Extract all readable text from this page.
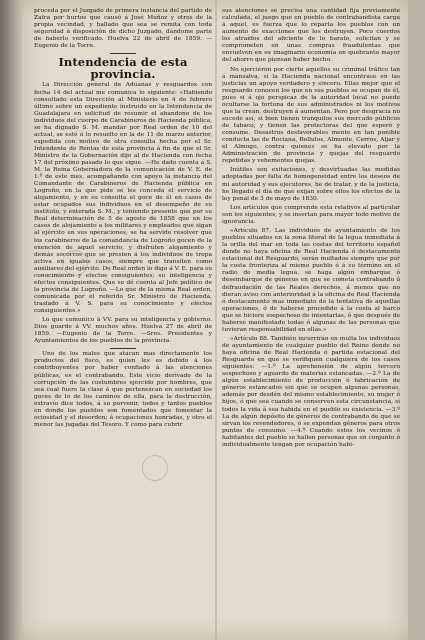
proceda por el Juzgado de primera instancia del partido de Zafra por hurtos que causó á José Muñoz y otros de la propia vecindad, y hallado que sea se remita con toda seguridad á disposición de dicho Juzgado, dándome parte de haberlo verificado. Huelva 22 de abril de 1859. —Eugenio de la Torre.

Intendencia de esta provincia.

La Dirección general de Aduanas y resguardos con fecha 14 del actual me comunica lo siguiente: «Habiendo consultado esta Dirección al Ministerio en 4 de febrero último sobre un expediente instruido en la Intendencia de Guadalajara en solicitud de resumir el abandono de los individuos del cuerpo de Carabineros de Hacienda pública, se ha dignado S. M. mandar por Real orden de 10 del actual, se esté á lo resuelto en la de 11 de marzo anterior, expedida con motivo de otra consulta hecha por el Sr. Intendente de Rentas de esta provincia á fin de que el Sr. Ministro de la Gobernación dijo al de Hacienda con fecha 17 del próximo pasado lo que sigue. —He dado cuenta á S. M. la Reina Gobernadora de la comunicación de V. E. de 1.º de este mes, acompañando con apoyo la instancia del Comandante de Carabineros de Hacienda pública en Logroño, en la que pide se les conceda el servicio de alojamiento, y en su consulta el goce de él en casos de estar ocupados sus individuos en el desempeño de su instituto, y enterada S. M., y teniendo presente que por su Real determinación de 5 de agosto de 1858 que en los casos de alojamiento a los militares y empleados que sigan al ejército en sus operaciones, se ha servido resolver que los carabineros de la comandancia de Logroño gocen de la exención de aquel servicio, y disfruten alojamiento y demás socorros que se presten á los individuos de tropa activa en iguales casos, siempre que transiten como auxiliares del ejército. De Real orden lo digo á V. E. para su conocimiento y efectos consiguientes; su inteligencia y efectos consiguientes. Que se dé cuenta al Jefe político de la provincia de Logroño. —Lo que de la misma Real orden, comunicada por el referido Sr. Ministro de Hacienda, traslado á V. S. para su conocimiento y efectos consiguientes.»

Lo que comunico á VV. para su inteligencia y gobierno. Dios guarde á VV. muchos años. Huelva 27 de abril de 1859. —Eugenio de la Torre. —Sres. Presidentes y Ayuntamientos de los pueblos de la provincia.

Uno de los males que atacan mas directamente los productos del fisco, es quien les es debido á los contribuyentes por haber confiado á las atenciones públicas, es el contrabando. Este vicio derivado de la corrupción de las costumbres ejercido por hombres, que sea cual fuere la clase á que pertenezcan en sociedad los goces de lo de los caminos de ella, para la destrucción, extravío dice todos, á su porvenir, todos y tantos pueblos en donde los pueblos son fomentados que fomentar la ociosidad y el desorden; á ocupaciones honradas, y otro el menor las jugadas del Tesoro. Y como para cubrir

sus atenciones se precisa una cantidad fija previamente calculada, el juego que en pueblo de contrabandista carga á aquel, es fuerza que lo reparta los pueblos con un aumento de exacciones que los destruyen. Poco cuerdos los atraídos del aliciente de lo barato, solicitan y se comprometen en unas compras fraudulentas que envuelven en su imaginario economía un quebranto mayor del ahorro que piensan haber hecho.

No ejerciéron por cierto aquellos su criminal tráfico tan á mansalva, si la Hacienda nacional encontrase en las justicias un apoyo verdadero y sincero. Ellas mejor que el resguardo conocen los que en sus pueblos se ocupan de él, pues si á ojo perspicaz de la autoridad local no puede ocultarse la fortuna de sus administrados ni los motivos que la crean, destruyen á aumentan. Pero por desgracia no sucede así, si bien tienen tranquilos sus mercado públicos de tabaco, y tienen las protectoras del que esperó y consume. Desastros desfavorables mente en tan punible conducta las de Rociana, Bollulos, Almonte, Cerros, Aljar y el Almogo, contra quienes se ha elevado por la Administración de provincia y quejas del resguardo repetidas y vehementes quejas.

Inútiles son exitaciones, y desvirtuadas las medidas adoptadas por falta de homogeneidad entre los deseos de mi autoridad y sus ejecutores, he de tratar, y de la justicia, he llegado el día de que exijan sobre ellos los efectos de la ley penal de 3 de mayo de 1830.

Los artículos que comprende esta relativos al particular son los siguientes, y se insertan para mayor todo motivo de ignorancia.

«Artículo 87. Las individuos de ayuntamiento de los pueblos situados en la zona litoral de la legua inmediata á la orilla del mar en toda las costas del territorio español donde no haya oficina de Real Hacienda ó destacamento estacional del Resguardo, serán multados siempre que por la costa fronteriza al mismo pueblo ó á su término en el radio de media legua, se haga algún embarque ó desembarque de géneros en que se cometa contrabando ó defraudación de las Reales derechos, á menos que no dieran aviso con anterioridad á la oficina de Real Hacienda ó destacamento mas inmediato de la tentativa de aquellas operaciones, ó de haberse procedido á la costa al barco que se hiciere sospechoso de intentarlas, ó que después de haberse manifestado todas ó algunas de las personas que tuvieran responsabilidad en ellas.»

«Artículo 88. También incurrirán en multa los individuos de ayuntamiento de cualquier pueblo del Reino donde no haya oficina de Real Hacienda ó partida estacional del Resguardo en que se verifiquen cualquiera de los casos siguientes: —1.º La aprehensión de algún tercero sospechoso y aguardo de materias estancadas. —2.º La de algún establecimiento de producción ó fabricación de géneros estancados sin que se ocupen algunas personas, además por desdén del mismo establecimiento, su mujer ó hijos, ó que sea cuando se conserven esta circunstancia, si todos la vida á sea habida en el pueblo su existencia. —3.º La de algún depósito de géneros de contrabando de que se sirvan los revendedores, ó se expendan géneros para otros puntos de consumo. —4.º Cuando estos los vecinos ó habitantes del pueblo se hallen personas que en conjunto ó individualmente tengan por ocupación habi-
